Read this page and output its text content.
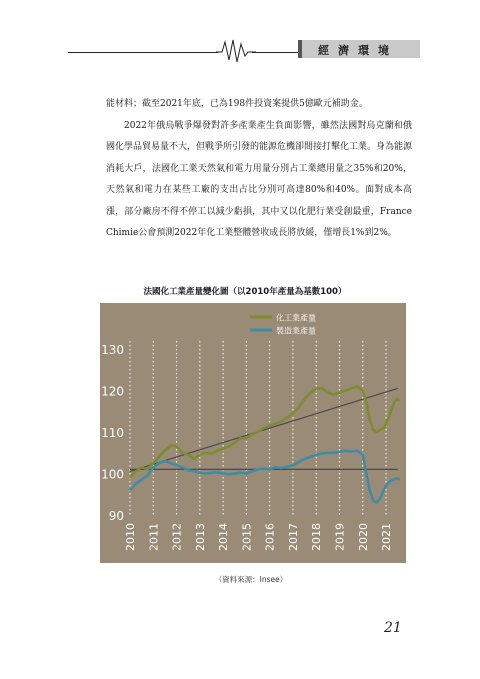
經濟環境

能材料；截至2021年底，已為198件投資案提供5億歐元補助金。

2022年俄烏戰爭爆發對許多產業產生負面影響，雖然法國對烏克蘭和俄國化學品貿易量不大，但戰爭所引發的能源危機卻間接打擊化工業。身為能源消耗大戶，法國化工業天然氣和電力用量分別占工業總用量之35%和20%，天然氣和電力在某些工廠的支出占比分別可高達80%和40%。面對成本高漲，部分廠房不得不停工以減少虧損，其中又以化肥行業受創最重，France Chimie公會預測2022年化工業整體營收成長將放緩，僅增長1%到2%。

法國化工業產量變化圖（以2010年產量為基數100）
90
100
110
120
130
2010 2011 2012 2013 2014 2015 2016 2017 2018 2019 2020 2021
化工業產量
製造業產量
（資料來源：Insee）
21
